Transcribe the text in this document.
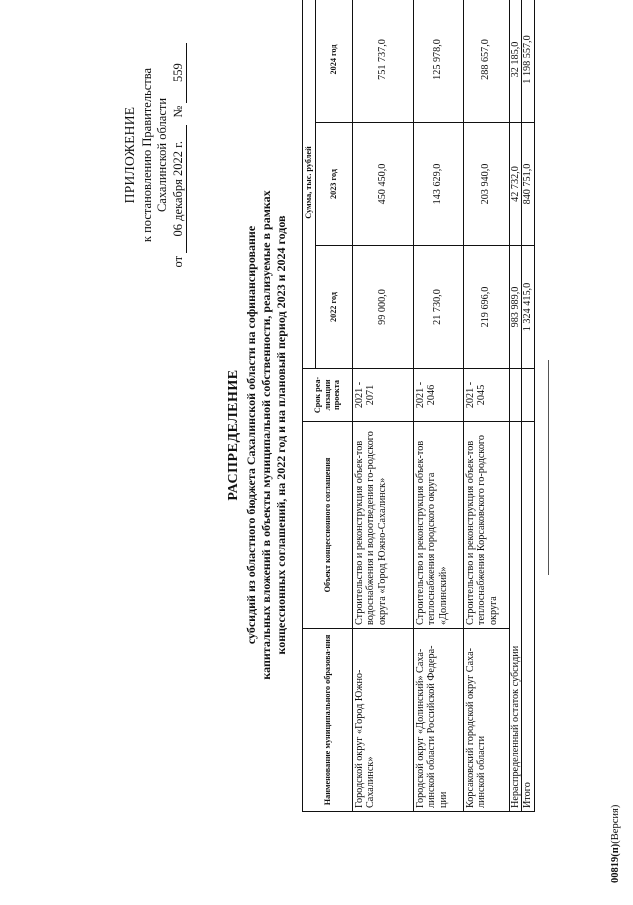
ПРИЛОЖЕНИЕ к постановлению Правительства Сахалинской области
от 06 декабря 2022 г. № 559
РАСПРЕДЕЛЕНИЕ субсидий из областного бюджета Сахалинской области на софинансирование капитальных вложений в объекты муниципальной собственности, реализуемые в рамках концессионных соглашений, на 2022 год и на плановый период 2023 и 2024 годов
Наименование муниципального образова-ния	Объект концессионного соглашения	Срок реа-лизации проекта	Сумма, тыс. рублей		
			2022 год	2023 год	2024 год
Городской округ «Город Южно-Сахалинск»	Строительство и реконструкция объек-тов водоснабжения и водоотведения го-родского округа «Город Южно-Сахалинск»	2021 - 2071	99 000,0	450 450,0	751 737,0
Городской округ «Долинский» Саха-линской области Российской Федера-ции	Строительство и реконструкция объек-тов теплоснабжения городского округа «Долинский»	2021 - 2046	21 730,0	143 629,0	125 978,0
Корсаковский городской округ Саха-линской области	Строительство и реконструкция объек-тов теплоснабжения Корсаковского го-родского округа	2021 - 2045	219 696,0	203 940,0	288 657,0
Нераспределенный остаток субсидии			983 989,0	42 732,0	32 185,0
Итого			1 324 415,0	840 751,0	1 198 557,0
00819(п)(Версия)
